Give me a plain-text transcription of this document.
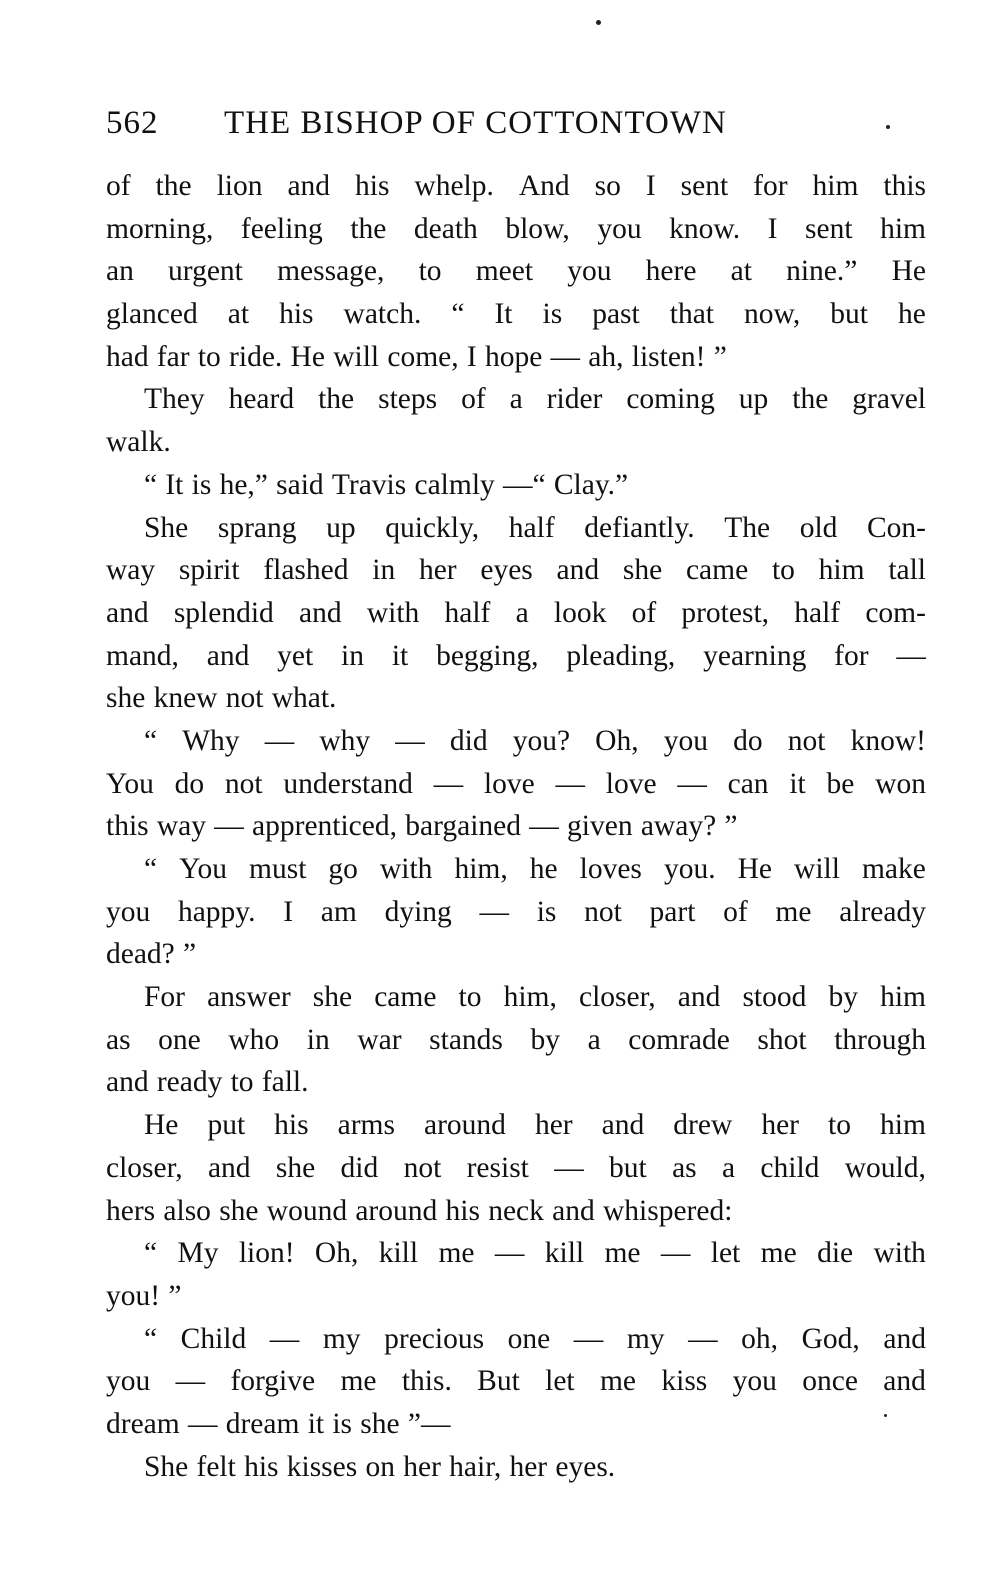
562 THE BISHOP OF COTTONTOWN
of the lion and his whelp. And so I sent for him this
morning, feeling the death blow, you know. I sent him
an urgent message, to meet you here at nine.” He
glanced at his watch. “ It is past that now, but he
had far to ride. He will come, I hope — ah, listen! ”
They heard the steps of a rider coming up the gravel
walk.
“ It is he,” said Travis calmly —“ Clay.”
She sprang up quickly, half defiantly. The old Con-
way spirit flashed in her eyes and she came to him tall
and splendid and with half a look of protest, half com-
mand, and yet in it begging, pleading, yearning for —
she knew not what.
“ Why — why — did you? Oh, you do not know!
You do not understand — love — love — can it be won
this way — apprenticed, bargained — given away? ”
“ You must go with him, he loves you. He will make
you happy. I am dying — is not part of me already
dead? ”
For answer she came to him, closer, and stood by him
as one who in war stands by a comrade shot through
and ready to fall.
He put his arms around her and drew her to him
closer, and she did not resist — but as a child would,
hers also she wound around his neck and whispered:
“ My lion! Oh, kill me — kill me — let me die with
you! ”
“ Child — my precious one — my — oh, God, and
you — forgive me this. But let me kiss you once and
dream — dream it is she ”—
She felt his kisses on her hair, her eyes.
